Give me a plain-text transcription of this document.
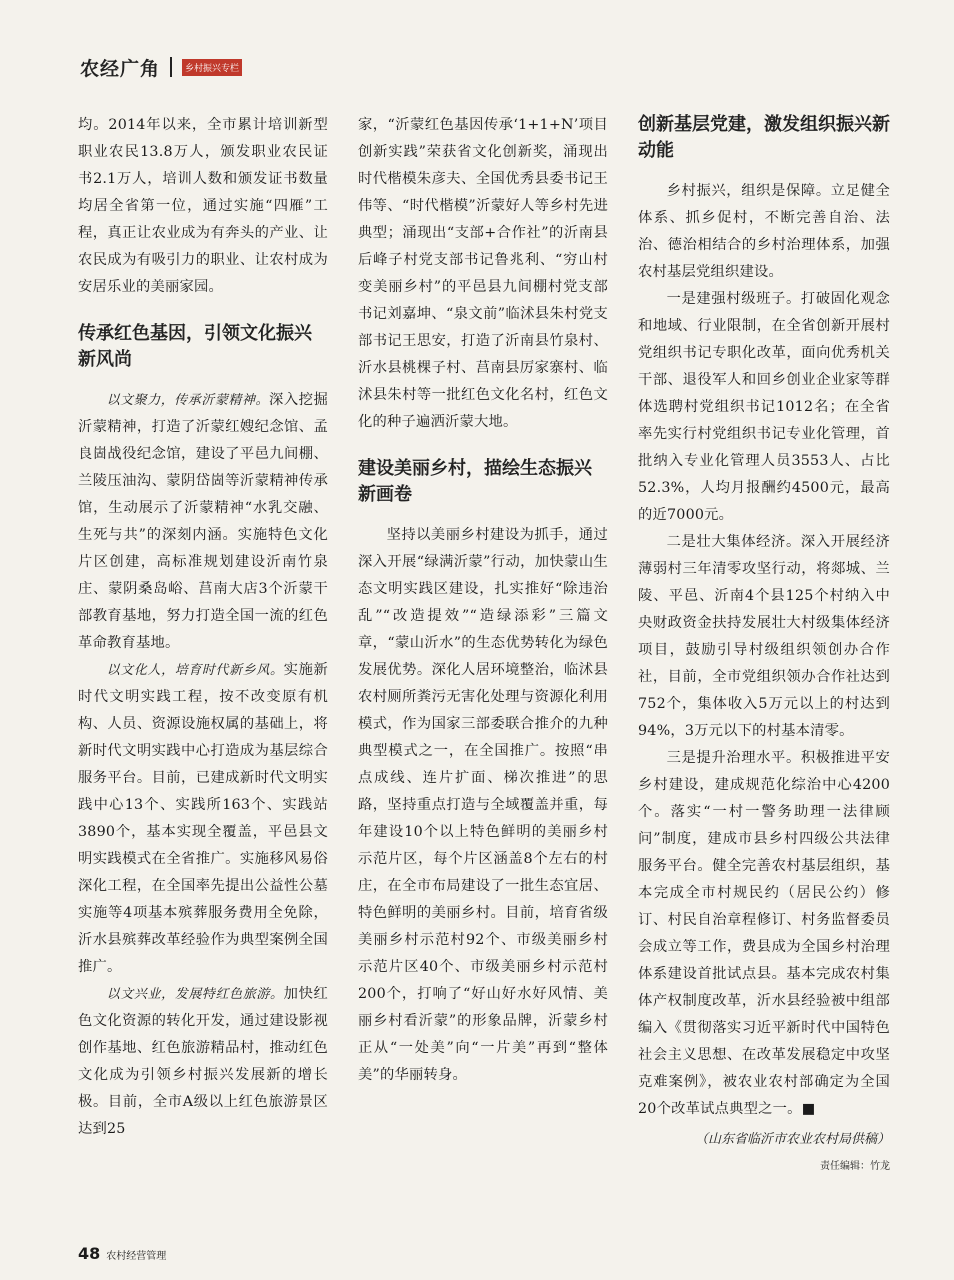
农经广角	乡村振兴专栏

均。2014年以来，全市累计培训新型职业农民13.8万人，颁发职业农民证书2.1万人，培训人数和颁发证书数量均居全省第一位，通过实施“四雁”工程，真正让农业成为有奔头的产业、让农民成为有吸引力的职业、让农村成为安居乐业的美丽家园。

传承红色基因，引领文化振兴新风尚

以文聚力，传承沂蒙精神。深入挖掘沂蒙精神，打造了沂蒙红嫂纪念馆、孟良崮战役纪念馆，建设了平邑九间棚、兰陵压油沟、蒙阴岱崮等沂蒙精神传承馆，生动展示了沂蒙精神“水乳交融、生死与共”的深刻内涵。实施特色文化片区创建，高标准规划建设沂南竹泉庄、蒙阴桑岛峪、莒南大店3个沂蒙干部教育基地，努力打造全国一流的红色革命教育基地。

以文化人，培育时代新乡风。实施新时代文明实践工程，按不改变原有机构、人员、资源设施权属的基础上，将新时代文明实践中心打造成为基层综合服务平台。目前，已建成新时代文明实践中心13个、实践所163个、实践站3890个，基本实现全覆盖，平邑县文明实践模式在全省推广。实施移风易俗深化工程，在全国率先提出公益性公墓实施等4项基本殡葬服务费用全免除，沂水县殡葬改革经验作为典型案例全国推广。

以文兴业，发展特红色旅游。加快红色文化资源的转化开发，通过建设影视创作基地、红色旅游精品村，推动红色文化成为引领乡村振兴发展新的增长极。目前，全市A级以上红色旅游景区达到25

家，“沂蒙红色基因传承‘1+1+N’项目创新实践”荣获省文化创新奖，涌现出时代楷模朱彦夫、全国优秀县委书记王伟等、“时代楷模”沂蒙好人等乡村先进典型；涌现出“支部+合作社”的沂南县后峰子村党支部书记鲁兆利、“穷山村变美丽乡村”的平邑县九间棚村党支部书记刘嘉坤、“泉文前”临沭县朱村党支部书记王思安，打造了沂南县竹泉村、沂水县桃棵子村、莒南县厉家寨村、临沭县朱村等一批红色文化名村，红色文化的种子遍洒沂蒙大地。

建设美丽乡村，描绘生态振兴新画卷

坚持以美丽乡村建设为抓手，通过深入开展“绿满沂蒙”行动，加快蒙山生态文明实践区建设，扎实推好“除违治乱”“改造提效”“造绿添彩”三篇文章，“蒙山沂水”的生态优势转化为绿色发展优势。深化人居环境整治，临沭县农村厕所粪污无害化处理与资源化利用模式，作为国家三部委联合推介的九种典型模式之一，在全国推广。按照“串点成线、连片扩面、梯次推进”的思路，坚持重点打造与全域覆盖并重，每年建设10个以上特色鲜明的美丽乡村示范片区，每个片区涵盖8个左右的村庄，在全市布局建设了一批生态宜居、特色鲜明的美丽乡村。目前，培育省级美丽乡村示范村92个、市级美丽乡村示范片区40个、市级美丽乡村示范村200个，打响了“好山好水好风情、美丽乡村看沂蒙”的形象品牌，沂蒙乡村正从“一处美”向“一片美”再到“整体美”的华丽转身。

创新基层党建，激发组织振兴新动能

乡村振兴，组织是保障。立足健全体系、抓乡促村，不断完善自治、法治、德治相结合的乡村治理体系，加强农村基层党组织建设。

一是建强村级班子。打破固化观念和地域、行业限制，在全省创新开展村党组织书记专职化改革，面向优秀机关干部、退役军人和回乡创业企业家等群体选聘村党组织书记1012名；在全省率先实行村党组织书记专业化管理，首批纳入专业化管理人员3553人、占比52.3%，人均月报酬约4500元，最高的近7000元。

二是壮大集体经济。深入开展经济薄弱村三年清零攻坚行动，将郯城、兰陵、平邑、沂南4个县125个村纳入中央财政资金扶持发展壮大村级集体经济项目，鼓励引导村级组织领创办合作社，目前，全市党组织领办合作社达到752个，集体收入5万元以上的村达到94%，3万元以下的村基本清零。

三是提升治理水平。积极推进平安乡村建设，建成规范化综治中心4200个。落实“一村一警务助理一法律顾问”制度，建成市县乡村四级公共法律服务平台。健全完善农村基层组织，基本完成全市村规民约（居民公约）修订、村民自治章程修订、村务监督委员会成立等工作，费县成为全国乡村治理体系建设首批试点县。基本完成农村集体产权制度改革，沂水县经验被中组部编入《贯彻落实习近平新时代中国特色社会主义思想、在改革发展稳定中攻坚克难案例》，被农业农村部确定为全国20个改革试点典型之一。■

（山东省临沂市农业农村局供稿）

责任编辑：竹龙

48 农村经营管理
